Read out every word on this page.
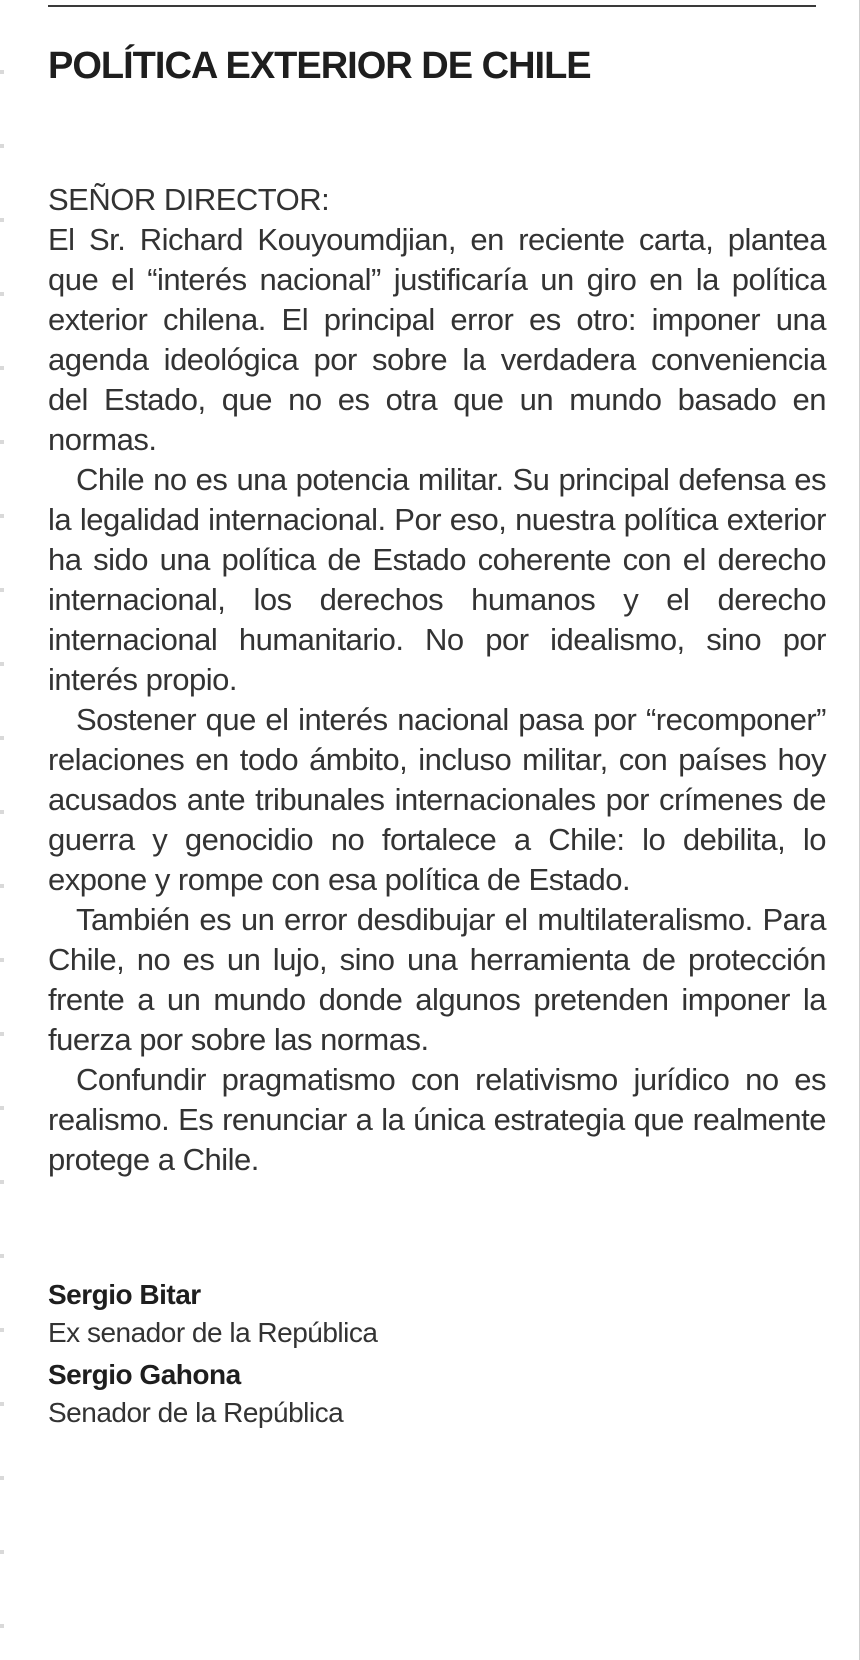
POLÍTICA EXTERIOR DE CHILE

SEÑOR DIRECTOR:

El Sr. Richard Kouyoumdjian, en reciente carta, plantea que el “interés nacional” justificaría un giro en la política exterior chilena. El principal error es otro: imponer una agenda ideológica por sobre la verdadera conveniencia del Estado, que no es otra que un mundo basado en normas.

Chile no es una potencia militar. Su principal defensa es la legalidad internacional. Por eso, nuestra política exterior ha sido una política de Estado coherente con el derecho internacional, los derechos humanos y el derecho internacional humanitario. No por idealismo, sino por interés propio.

Sostener que el interés nacional pasa por “recomponer” relaciones en todo ámbito, incluso militar, con países hoy acusados ante tribunales internacionales por crímenes de guerra y genocidio no fortalece a Chile: lo debilita, lo expone y rompe con esa política de Estado.

También es un error desdibujar el multilateralismo. Para Chile, no es un lujo, sino una herramienta de protección frente a un mundo donde algunos pretenden imponer la fuerza por sobre las normas.

Confundir pragmatismo con relativismo jurídico no es realismo. Es renunciar a la única estrategia que realmente protege a Chile.

Sergio Bitar

Ex senador de la República

Sergio Gahona

Senador de la República
